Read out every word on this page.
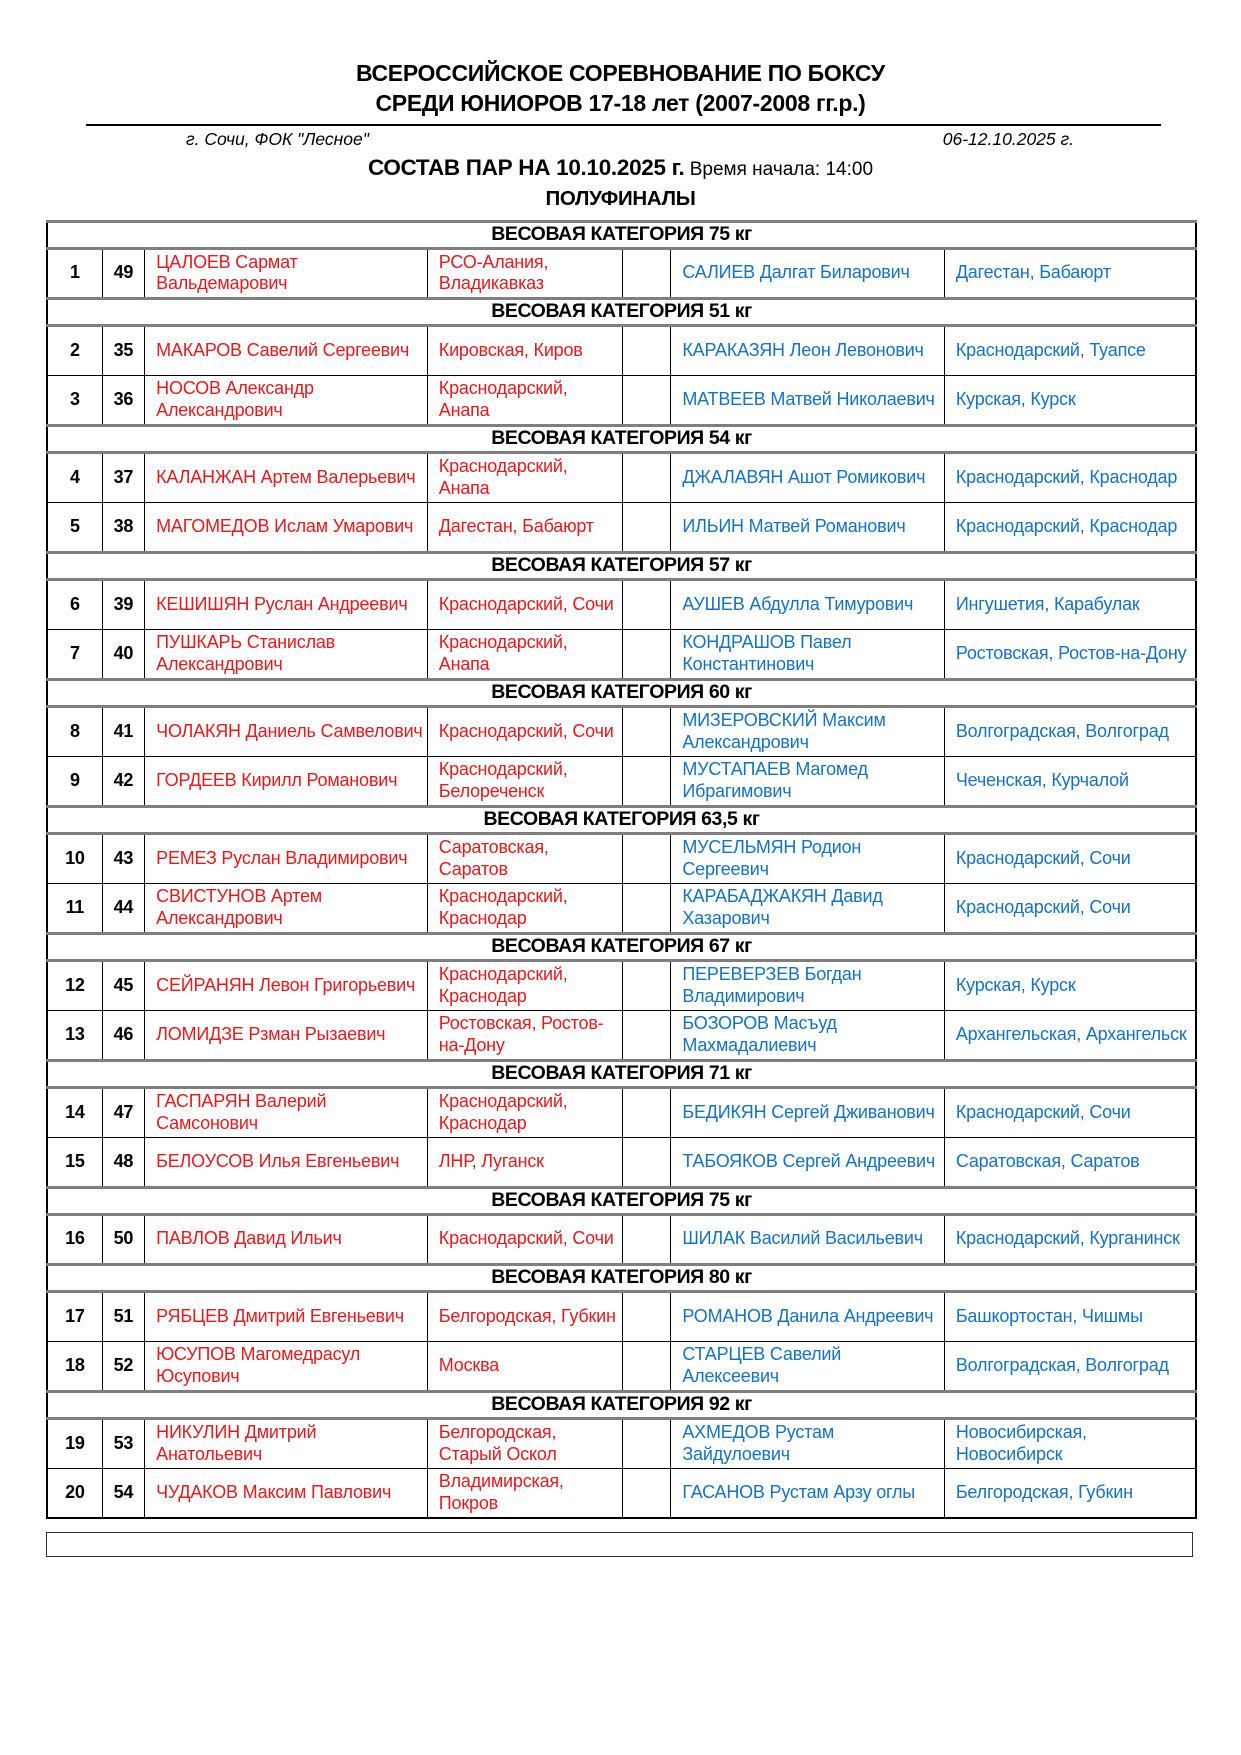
ВСЕРОССИЙСКОЕ СОРЕВНОВАНИЕ ПО БОКСУ
СРЕДИ ЮНИОРОВ 17-18 лет (2007-2008 гг.р.)
г. Сочи, ФОК "Лесное"	06-12.10.2025 г.
СОСТАВ ПАР НА 10.10.2025 г. Время начала: 14:00
ПОЛУФИНАЛЫ
ВЕСОВАЯ КАТЕГОРИЯ 75 кг						
1	49	ЦАЛОЕВ Сармат Вальдемарович	РСО-Алания, Владикавказ		САЛИЕВ Далгат Биларович	Дагестан, Бабаюрт
ВЕСОВАЯ КАТЕГОРИЯ 51 кг						
2	35	МАКАРОВ Савелий Сергеевич	Кировская, Киров		КАРАКАЗЯН Леон Левонович	Краснодарский, Туапсе
3	36	НОСОВ Александр Александрович	Краснодарский, Анапа		МАТВЕЕВ Матвей Николаевич	Курская, Курск
ВЕСОВАЯ КАТЕГОРИЯ 54 кг						
4	37	КАЛАНЖАН Артем Валерьевич	Краснодарский, Анапа		ДЖАЛАВЯН Ашот Ромикович	Краснодарский, Краснодар
5	38	МАГОМЕДОВ Ислам Умарович	Дагестан, Бабаюрт		ИЛЬИН Матвей Романович	Краснодарский, Краснодар
ВЕСОВАЯ КАТЕГОРИЯ 57 кг						
6	39	КЕШИШЯН Руслан Андреевич	Краснодарский, Сочи		АУШЕВ Абдулла Тимурович	Ингушетия, Карабулак
7	40	ПУШКАРЬ Станислав Александрович	Краснодарский, Анапа		КОНДРАШОВ Павел Константинович	Ростовская, Ростов-на-Дону
ВЕСОВАЯ КАТЕГОРИЯ 60 кг						
8	41	ЧОЛАКЯН Даниель Самвелович	Краснодарский, Сочи		МИЗЕРОВСКИЙ Максим Александрович	Волгоградская, Волгоград
9	42	ГОРДЕЕВ Кирилл Романович	Краснодарский, Белореченск		МУСТАПАЕВ Магомед Ибрагимович	Чеченская, Курчалой
ВЕСОВАЯ КАТЕГОРИЯ 63,5 кг						
10	43	РЕМЕЗ Руслан Владимирович	Саратовская, Саратов		МУСЕЛЬМЯН Родион Сергеевич	Краснодарский, Сочи
11	44	СВИСТУНОВ Артем Александрович	Краснодарский, Краснодар		КАРАБАДЖАКЯН Давид Хазарович	Краснодарский, Сочи
ВЕСОВАЯ КАТЕГОРИЯ 67 кг						
12	45	СЕЙРАНЯН Левон Григорьевич	Краснодарский, Краснодар		ПЕРЕВЕРЗЕВ Богдан Владимирович	Курская, Курск
13	46	ЛОМИДЗЕ Рзман Рызаевич	Ростовская, Ростов-на-Дону		БОЗОРОВ Масъуд Махмадалиевич	Архангельская, Архангельск
ВЕСОВАЯ КАТЕГОРИЯ 71 кг						
14	47	ГАСПАРЯН Валерий Самсонович	Краснодарский, Краснодар		БЕДИКЯН Сергей Дживанович	Краснодарский, Сочи
15	48	БЕЛОУСОВ Илья Евгеньевич	ЛНР, Луганск		ТАБОЯКОВ Сергей Андреевич	Саратовская, Саратов
ВЕСОВАЯ КАТЕГОРИЯ 75 кг						
16	50	ПАВЛОВ Давид Ильич	Краснодарский, Сочи		ШИЛАК Василий Васильевич	Краснодарский, Курганинск
ВЕСОВАЯ КАТЕГОРИЯ 80 кг						
17	51	РЯБЦЕВ Дмитрий Евгеньевич	Белгородская, Губкин		РОМАНОВ Данила Андреевич	Башкортостан, Чишмы
18	52	ЮСУПОВ Магомедрасул Юсупович	Москва		СТАРЦЕВ Савелий Алексеевич	Волгоградская, Волгоград
ВЕСОВАЯ КАТЕГОРИЯ 92 кг						
19	53	НИКУЛИН Дмитрий Анатольевич	Белгородская, Старый Оскол		АХМЕДОВ Рустам Зайдулоевич	Новосибирская, Новосибирск
20	54	ЧУДАКОВ Максим Павлович	Владимирская, Покров		ГАСАНОВ Рустам Арзу оглы	Белгородская, Губкин
